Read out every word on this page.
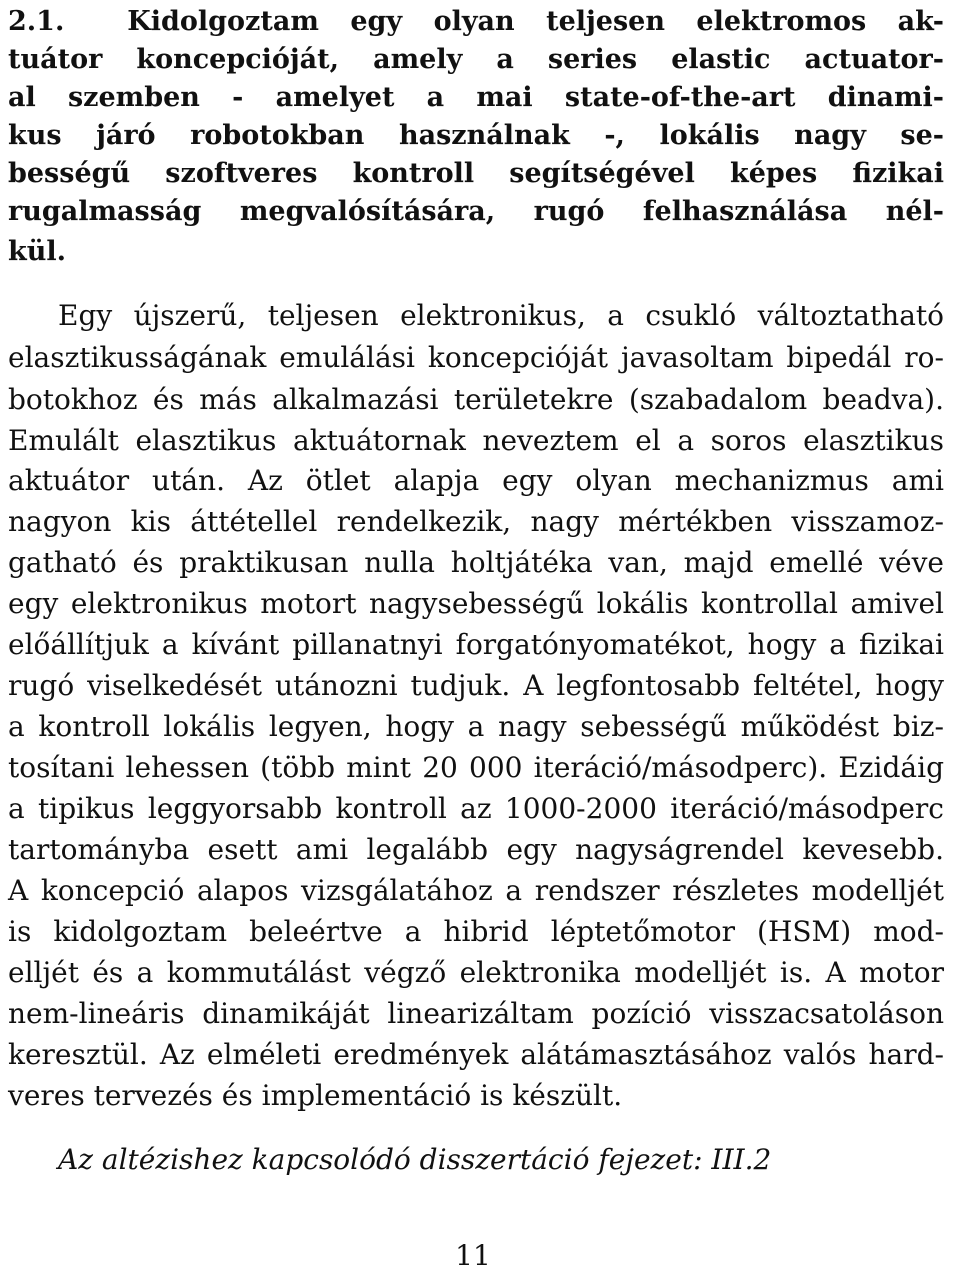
2.1. Kidolgoztam egy olyan teljesen elektromos ak-
tuátor koncepcióját, amely a series elastic actuator-
al szemben - amelyet a mai state-of-the-art dinami-
kus járó robotokban használnak -, lokális nagy se-
bességű szoftveres kontroll segítségével képes fizikai
rugalmasság megvalósítására, rugó felhasználása nél-
kül.
Egy újszerű, teljesen elektronikus, a csukló változtatható
elasztikusságának emulálási koncepcióját javasoltam bipedál ro-
botokhoz és más alkalmazási területekre (szabadalom beadva).
Emulált elasztikus aktuátornak neveztem el a soros elasztikus
aktuátor után. Az ötlet alapja egy olyan mechanizmus ami
nagyon kis áttétellel rendelkezik, nagy mértékben visszamoz-
gatható és praktikusan nulla holtjátéka van, majd emellé véve
egy elektronikus motort nagysebességű lokális kontrollal amivel
előállítjuk a kívánt pillanatnyi forgatónyomatékot, hogy a fizikai
rugó viselkedését utánozni tudjuk. A legfontosabb feltétel, hogy
a kontroll lokális legyen, hogy a nagy sebességű működést biz-
tosítani lehessen (több mint 20 000 iteráció/másodperc). Ezidáig
a tipikus leggyorsabb kontroll az 1000-2000 iteráció/másodperc
tartományba esett ami legalább egy nagyságrendel kevesebb.
A koncepció alapos vizsgálatához a rendszer részletes modelljét
is kidolgoztam beleértve a hibrid léptetőmotor (HSM) mod-
elljét és a kommutálást végző elektronika modelljét is. A motor
nem-lineáris dinamikáját linearizáltam pozíció visszacsatoláson
keresztül. Az elméleti eredmények alátámasztásához valós hard-
veres tervezés és implementáció is készült.
Az altézishez kapcsolódó disszertáció fejezet: III.2
11
